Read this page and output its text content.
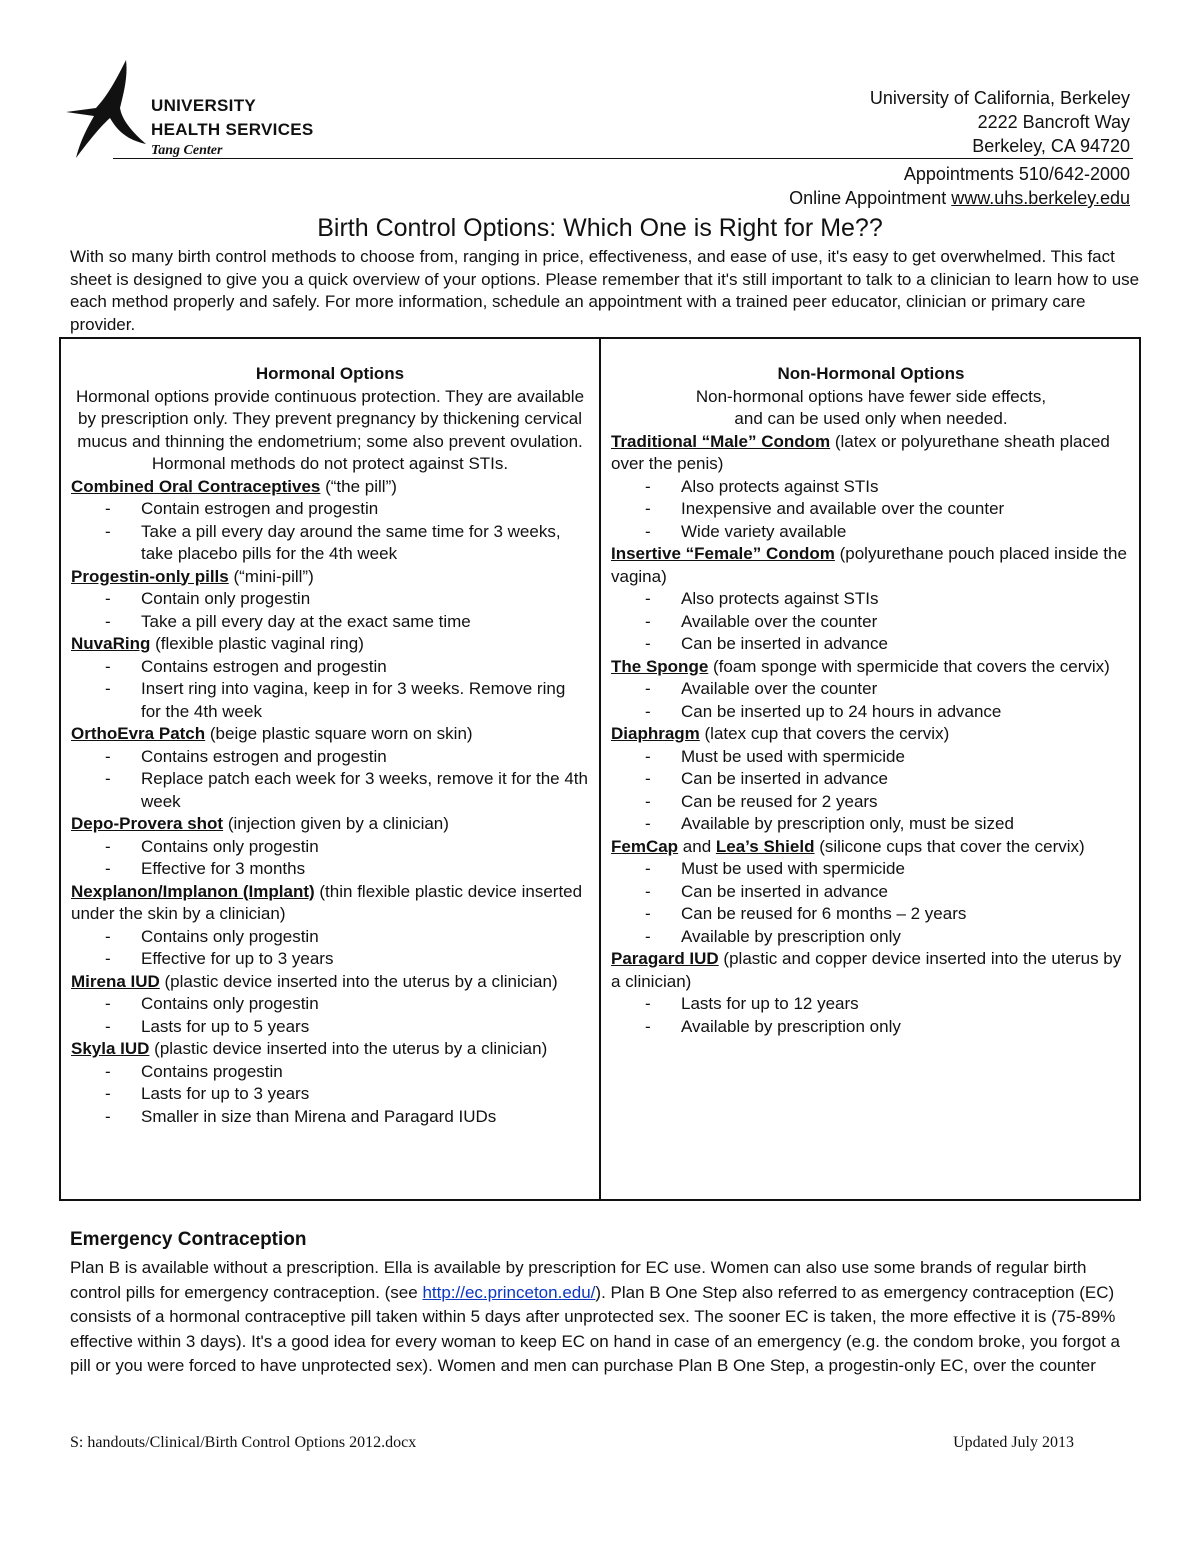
UNIVERSITY
HEALTH SERVICES
Tang Center
University of California, Berkeley
2222 Bancroft Way
Berkeley, CA 94720
Appointments 510/642-2000
Online Appointment www.uhs.berkeley.edu
Birth Control Options: Which One is Right for Me??
With so many birth control methods to choose from, ranging in price, effectiveness, and ease of use, it's easy to get overwhelmed. This fact sheet is designed to give you a quick overview of your options. Please remember that it's still important to talk to a clinician to learn how to use each method properly and safely. For more information, schedule an appointment with a trained peer educator, clinician or primary care provider.
Hormonal Options
Hormonal options provide continuous protection. They are available by prescription only. They prevent pregnancy by thickening cervical mucus and thinning the endometrium; some also prevent ovulation. Hormonal methods do not protect against STIs.
Combined Oral Contraceptives (“the pill”)
- Contain estrogen and progestin
- Take a pill every day around the same time for 3 weeks, take placebo pills for the 4th week
Progestin-only pills (“mini-pill”)
- Contain only progestin
- Take a pill every day at the exact same time
NuvaRing (flexible plastic vaginal ring)
- Contains estrogen and progestin
- Insert ring into vagina, keep in for 3 weeks. Remove ring for the 4th week
OrthoEvra Patch (beige plastic square worn on skin)
- Contains estrogen and progestin
- Replace patch each week for 3 weeks, remove it for the 4th week
Depo-Provera shot (injection given by a clinician)
- Contains only progestin
- Effective for 3 months
Nexplanon/Implanon (Implant) (thin flexible plastic device inserted under the skin by a clinician)
- Contains only progestin
- Effective for up to 3 years
Mirena IUD (plastic device inserted into the uterus by a clinician)
- Contains only progestin
- Lasts for up to 5 years
Skyla IUD (plastic device inserted into the uterus by a clinician)
- Contains progestin
- Lasts for up to 3 years
- Smaller in size than Mirena and Paragard IUDs
Non-Hormonal Options
Non-hormonal options have fewer side effects,
and can be used only when needed.
Traditional “Male” Condom (latex or polyurethane sheath placed over the penis)
- Also protects against STIs
- Inexpensive and available over the counter
- Wide variety available
Insertive “Female” Condom (polyurethane pouch placed inside the vagina)
- Also protects against STIs
- Available over the counter
- Can be inserted in advance
The Sponge (foam sponge with spermicide that covers the cervix)
- Available over the counter
- Can be inserted up to 24 hours in advance
Diaphragm (latex cup that covers the cervix)
- Must be used with spermicide
- Can be inserted in advance
- Can be reused for 2 years
- Available by prescription only, must be sized
FemCap and Lea’s Shield (silicone cups that cover the cervix)
- Must be used with spermicide
- Can be inserted in advance
- Can be reused for 6 months – 2 years
- Available by prescription only
Paragard IUD (plastic and copper device inserted into the uterus by a clinician)
- Lasts for up to 12 years
- Available by prescription only
Emergency Contraception
Plan B is available without a prescription. Ella is available by prescription for EC use. Women can also use some brands of regular birth control pills for emergency contraception. (see http://ec.princeton.edu/). Plan B One Step also referred to as emergency contraception (EC) consists of a hormonal contraceptive pill taken within 5 days after unprotected sex. The sooner EC is taken, the more effective it is (75-89% effective within 3 days). It's a good idea for every woman to keep EC on hand in case of an emergency (e.g. the condom broke, you forgot a pill or you were forced to have unprotected sex). Women and men can purchase Plan B One Step, a progestin-only EC, over the counter
S: handouts/Clinical/Birth Control Options 2012.docx	Updated July 2013
